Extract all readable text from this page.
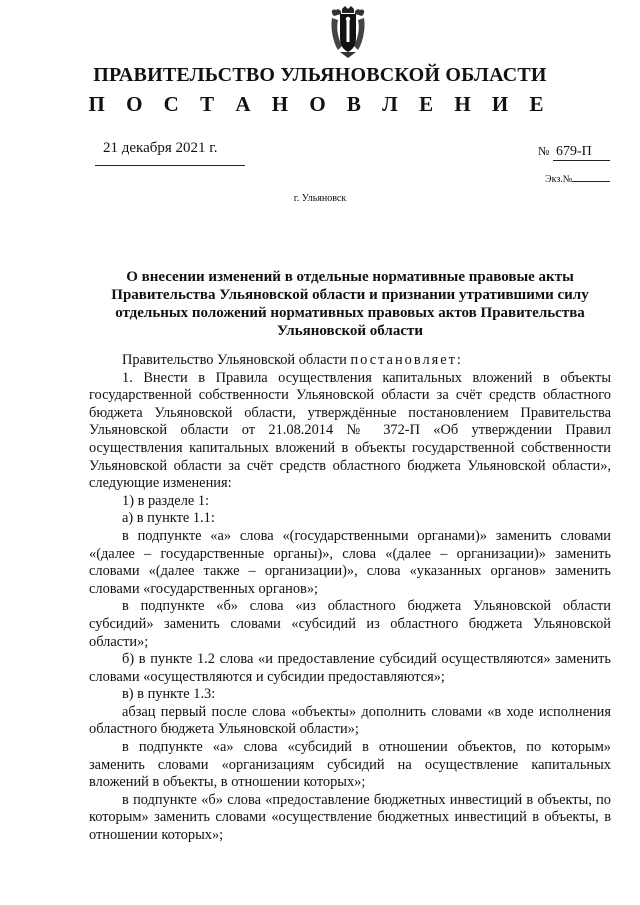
ПРАВИТЕЛЬСТВО УЛЬЯНОВСКОЙ ОБЛАСТИ
П О С Т А Н О В Л Е Н И Е
21 декабря 2021 г.	№ 679-П
Экз.№
г. Ульяновск
О внесении изменений в отдельные нормативные правовые акты Правительства Ульяновской области и признании утратившими силу отдельных положений нормативных правовых актов Правительства Ульяновской области

Правительство Ульяновской области постановляет:

1. Внести в Правила осуществления капитальных вложений в объекты государственной собственности Ульяновской области за счёт средств областного бюджета Ульяновской области, утверждённые постановлением Правительства Ульяновской области от 21.08.2014 № 372-П «Об утверждении Правил осуществления капитальных вложений в объекты государственной собственности Ульяновской области за счёт средств областного бюджета Ульяновской области», следующие изменения:

1) в разделе 1:

а) в пункте 1.1:

в подпункте «а» слова «(государственными органами)» заменить словами «(далее – государственные органы)», слова «(далее – организации)» заменить словами «(далее также – организации)», слова «указанных органов» заменить словами «государственных органов»;

в подпункте «б» слова «из областного бюджета Ульяновской области субсидий» заменить словами «субсидий из областного бюджета Ульяновской области»;

б) в пункте 1.2 слова «и предоставление субсидий осуществляются» заменить словами «осуществляются и субсидии предоставляются»;

в) в пункте 1.3:

абзац первый после слова «объекты» дополнить словами «в ходе исполнения областного бюджета Ульяновской области»;

в подпункте «а» слова «субсидий в отношении объектов, по которым» заменить словами «организациям субсидий на осуществление капитальных вложений в объекты, в отношении которых»;

в подпункте «б» слова «предоставление бюджетных инвестиций в объекты, по которым» заменить словами «осуществление бюджетных инвестиций в объекты, в отношении которых»;
